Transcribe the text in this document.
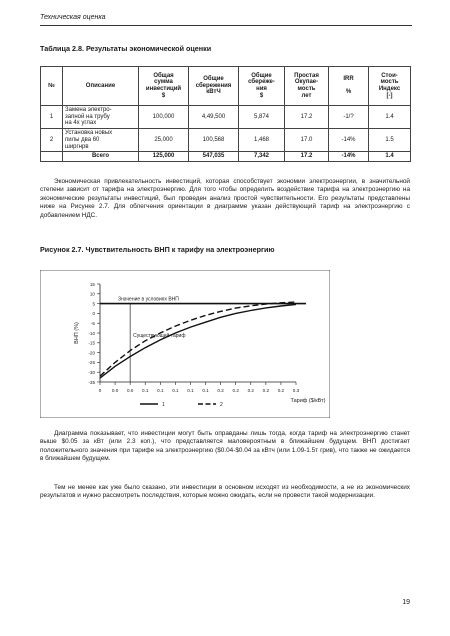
Техническая оценка
Таблица 2.8. Результаты экономической оценки
№	Описание	Общая
сумма
инвестиций
$	Общие
сбережения
кВтЧ	Общие
сбереже-
ния
$	Простая
Окупае-
мость
лет	IRR

%	Стои-
мость
Индекс
[-]
1	Замена электро-
запной на трубу
на 4x углах	100,000	4,49,500	5,874	17.2	-1/?	1.4
2	Установка новых
пилы два 60
ширгнрв	25,000	100,568	1,468	17.0	-14%	1.5
	Всего	125,000	547,035	7,342	17.2	-14%	1.4
Экономическая привлекательность инвестиций, которая способствует экономии электроэнергии, в значительной степени зависит от тарифа на электроэнергию. Для того чтобы определить воздействие тарифа на электроэнергию на экономические результаты инвестиций, был проведен анализ простой чувствительности. Его результаты представлены ниже на Рисунке 2.7. Для облегчения ориентации в диаграмме указан действующий тариф на электроэнергию с добавлением НДС.
Рисунок 2.7. Чувствительность ВНП к тарифу на электроэнергию
15
10
5
0
-5
-10
-15
-20
-25
-30
-35
ВНП (%)
0 0.0 0.0 0.1 0.1 0.1 0.1 0.1 0.2 0.2 0.2 0.2 0.2 0.3
Тариф ($/кВт)
Значение в условиях ВНП
Существующий тариф
1	2
Диаграмма показывает, что инвестиции могут быть оправданы лишь тогда, когда тариф на электроэнергию станет выше $0.05 за кВт (или 2.3 коп.), что представляется маловероятным в ближайшем будущем. ВНП достигает положительного значения при тарифе на электроэнергию ($0.04-$0.04 за кВтч (или 1.09-1.5т грив), что также не ожидается в ближайшем будущем.
Тем не менее как уже было сказано, эти инвестиции в основном исходят из необходимости, а не из экономических результатов и нужно рассмотреть последствия, которые можно ожидать, если не провести такой модернизации.
19
